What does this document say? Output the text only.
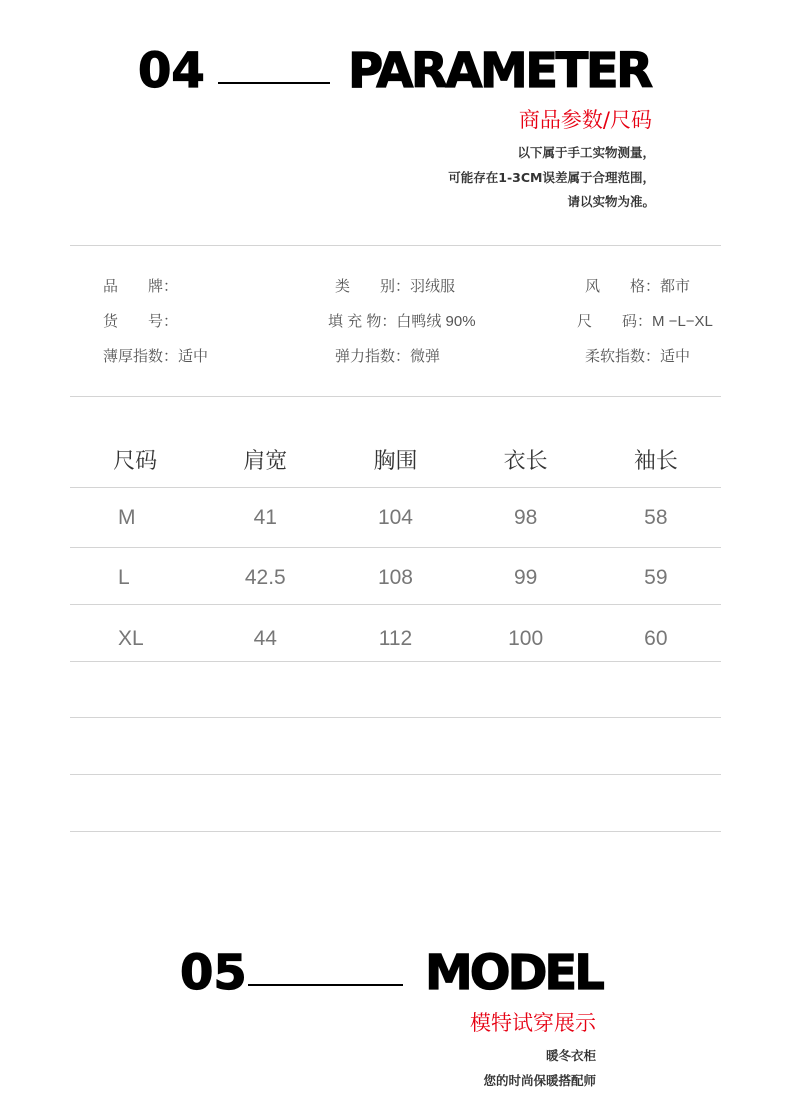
04	PARAMETER
商品参数/尺码
以下属于手工实物测量，
可能存在1-3CM误差属于合理范围，
请以实物为准。
品　　牌：	类　　别：羽绒服	风　　格：都市
货　　号：	填 充 物：白鸭绒 90%	尺　　码：M −L−XL
薄厚指数：适中	弹力指数：微弹	柔软指数：适中
尺码	肩宽	胸围	衣长	袖长
M	41	104	98	58
L	42.5	108	99	59
XL	44	112	100	60
05	MODEL
模特试穿展示
暖冬衣柜
您的时尚保暖搭配师
